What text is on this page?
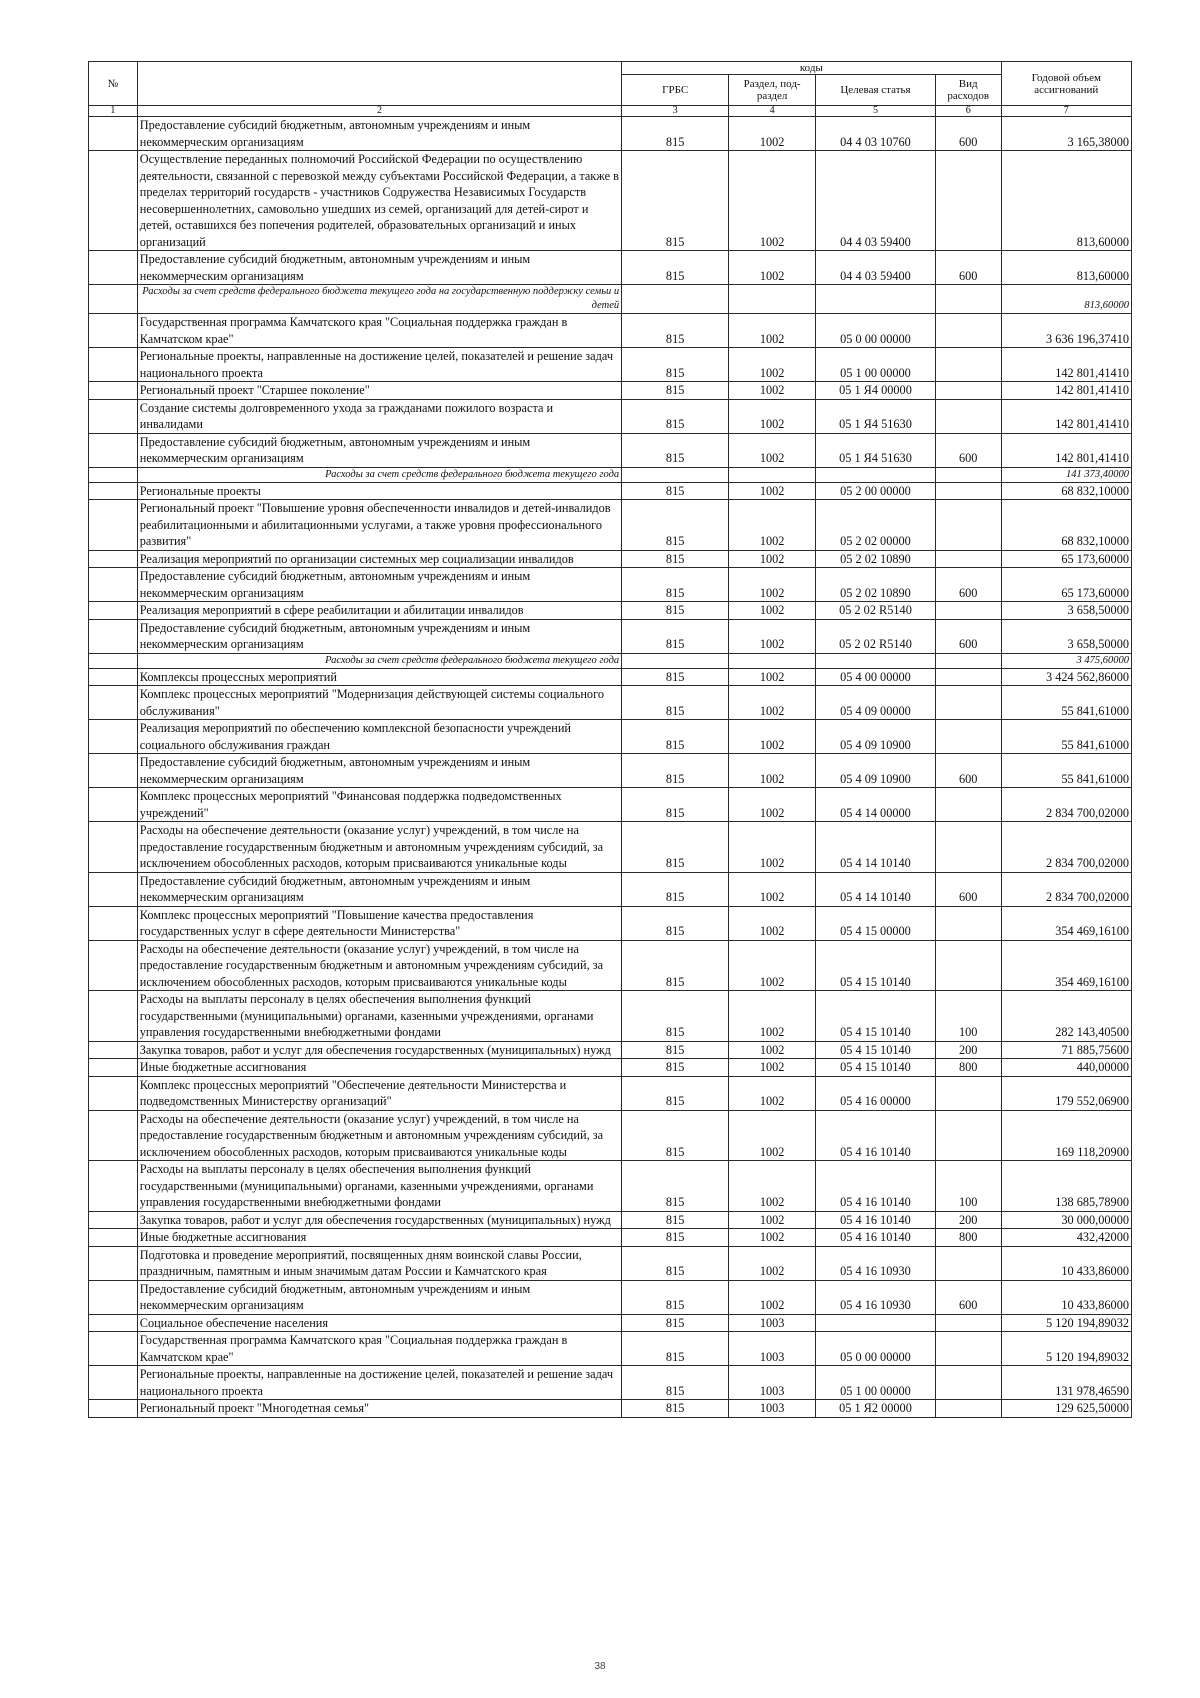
№		коды				Годовой объем ассигнований
		ГРБС	Раздел, под-раздел	Целевая статья	Вид расходов	
1	2	3	4	5	6	7
	Предоставление субсидий бюджетным, автономным учреждениям и иным некоммерческим организациям	815	1002	04 4 03 10760	600	3 165,38000
	Осуществление переданных полномочий Российской Федерации по осуществлению деятельности, связанной с перевозкой между субъектами Российской Федерации, а также в пределах территорий государств - участников Содружества Независимых Государств несовершеннолетних, самовольно ушедших из семей, организаций для детей-сирот и детей, оставшихся без попечения родителей, образовательных организаций и иных организаций	815	1002	04 4 03 59400		813,60000
	Предоставление субсидий бюджетным, автономным учреждениям и иным некоммерческим организациям	815	1002	04 4 03 59400	600	813,60000
	Расходы за счет средств федерального бюджета текущего года на государственную поддержку семьи и детей					813,60000
	Государственная программа Камчатского края "Социальная поддержка граждан в Камчатском крае"	815	1002	05 0 00 00000		3 636 196,37410
	Региональные проекты, направленные на достижение целей, показателей и решение задач национального проекта	815	1002	05 1 00 00000		142 801,41410
	Региональный проект "Старшее поколение"	815	1002	05 1 Я4 00000		142 801,41410
	Создание системы долговременного ухода за гражданами пожилого возраста и инвалидами	815	1002	05 1 Я4 51630		142 801,41410
	Предоставление субсидий бюджетным, автономным учреждениям и иным некоммерческим организациям	815	1002	05 1 Я4 51630	600	142 801,41410
	Расходы за счет средств федерального бюджета текущего года					141 373,40000
	Региональные проекты	815	1002	05 2 00 00000		68 832,10000
	Региональный проект "Повышение уровня обеспеченности инвалидов и детей-инвалидов реабилитационными и абилитационными услугами, а также уровня профессионального развития"	815	1002	05 2 02 00000		68 832,10000
	Реализация мероприятий по организации системных мер социализации инвалидов	815	1002	05 2 02 10890		65 173,60000
	Предоставление субсидий бюджетным, автономным учреждениям и иным некоммерческим организациям	815	1002	05 2 02 10890	600	65 173,60000
	Реализация мероприятий в сфере реабилитации и абилитации инвалидов	815	1002	05 2 02 R5140		3 658,50000
	Предоставление субсидий бюджетным, автономным учреждениям и иным некоммерческим организациям	815	1002	05 2 02 R5140	600	3 658,50000
	Расходы за счет средств федерального бюджета текущего года					3 475,60000
	Комплексы процессных мероприятий	815	1002	05 4 00 00000		3 424 562,86000
	Комплекс процессных мероприятий "Модернизация действующей системы социального обслуживания"	815	1002	05 4 09 00000		55 841,61000
	Реализация мероприятий по обеспечению комплексной безопасности учреждений социального обслуживания граждан	815	1002	05 4 09 10900		55 841,61000
	Предоставление субсидий бюджетным, автономным учреждениям и иным некоммерческим организациям	815	1002	05 4 09 10900	600	55 841,61000
	Комплекс процессных мероприятий "Финансовая поддержка подведомственных учреждений"	815	1002	05 4 14 00000		2 834 700,02000
	Расходы на обеспечение деятельности (оказание услуг) учреждений, в том числе на предоставление государственным бюджетным и автономным учреждениям субсидий, за исключением обособленных расходов, которым присваиваются уникальные коды	815	1002	05 4 14 10140		2 834 700,02000
	Предоставление субсидий бюджетным, автономным учреждениям и иным некоммерческим организациям	815	1002	05 4 14 10140	600	2 834 700,02000
	Комплекс процессных мероприятий "Повышение качества предоставления государственных услуг в сфере деятельности Министерства"	815	1002	05 4 15 00000		354 469,16100
	Расходы на обеспечение деятельности (оказание услуг) учреждений, в том числе на предоставление государственным бюджетным и автономным учреждениям субсидий, за исключением обособленных расходов, которым присваиваются уникальные коды	815	1002	05 4 15 10140		354 469,16100
	Расходы на выплаты персоналу в целях обеспечения выполнения функций государственными (муниципальными) органами, казенными учреждениями, органами управления государственными внебюджетными фондами	815	1002	05 4 15 10140	100	282 143,40500
	Закупка товаров, работ и услуг для обеспечения государственных (муниципальных) нужд	815	1002	05 4 15 10140	200	71 885,75600
	Иные бюджетные ассигнования	815	1002	05 4 15 10140	800	440,00000
	Комплекс процессных мероприятий "Обеспечение деятельности Министерства и подведомственных Министерству организаций"	815	1002	05 4 16 00000		179 552,06900
	Расходы на обеспечение деятельности (оказание услуг) учреждений, в том числе на предоставление государственным бюджетным и автономным учреждениям субсидий, за исключением обособленных расходов, которым присваиваются уникальные коды	815	1002	05 4 16 10140		169 118,20900
	Расходы на выплаты персоналу в целях обеспечения выполнения функций государственными (муниципальными) органами, казенными учреждениями, органами управления государственными внебюджетными фондами	815	1002	05 4 16 10140	100	138 685,78900
	Закупка товаров, работ и услуг для обеспечения государственных (муниципальных) нужд	815	1002	05 4 16 10140	200	30 000,00000
	Иные бюджетные ассигнования	815	1002	05 4 16 10140	800	432,42000
	Подготовка и проведение мероприятий, посвященных дням воинской славы России, праздничным, памятным и иным значимым датам России и Камчатского края	815	1002	05 4 16 10930		10 433,86000
	Предоставление субсидий бюджетным, автономным учреждениям и иным некоммерческим организациям	815	1002	05 4 16 10930	600	10 433,86000
	Социальное обеспечение населения	815	1003			5 120 194,89032
	Государственная программа Камчатского края "Социальная поддержка граждан в Камчатском крае"	815	1003	05 0 00 00000		5 120 194,89032
	Региональные проекты, направленные на достижение целей, показателей и решение задач национального проекта	815	1003	05 1 00 00000		131 978,46590
	Региональный проект "Многодетная семья"	815	1003	05 1 Я2 00000		129 625,50000
38
